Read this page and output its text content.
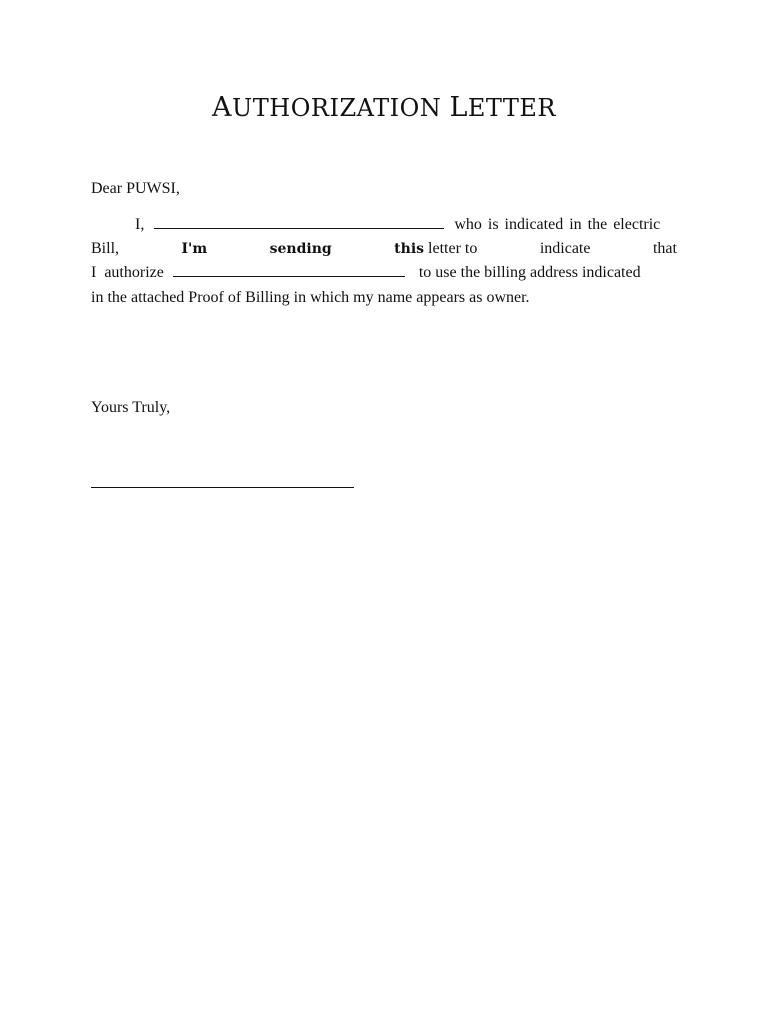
AUTHORIZATION LETTER
Dear PUWSI,
I,	who is indicated in the electric
Bill,	I'm	sending	this letter to	indicate	that
I  authorize	to use the billing address indicated
in the attached Proof of Billing in which my name appears as owner.
Yours Truly,
